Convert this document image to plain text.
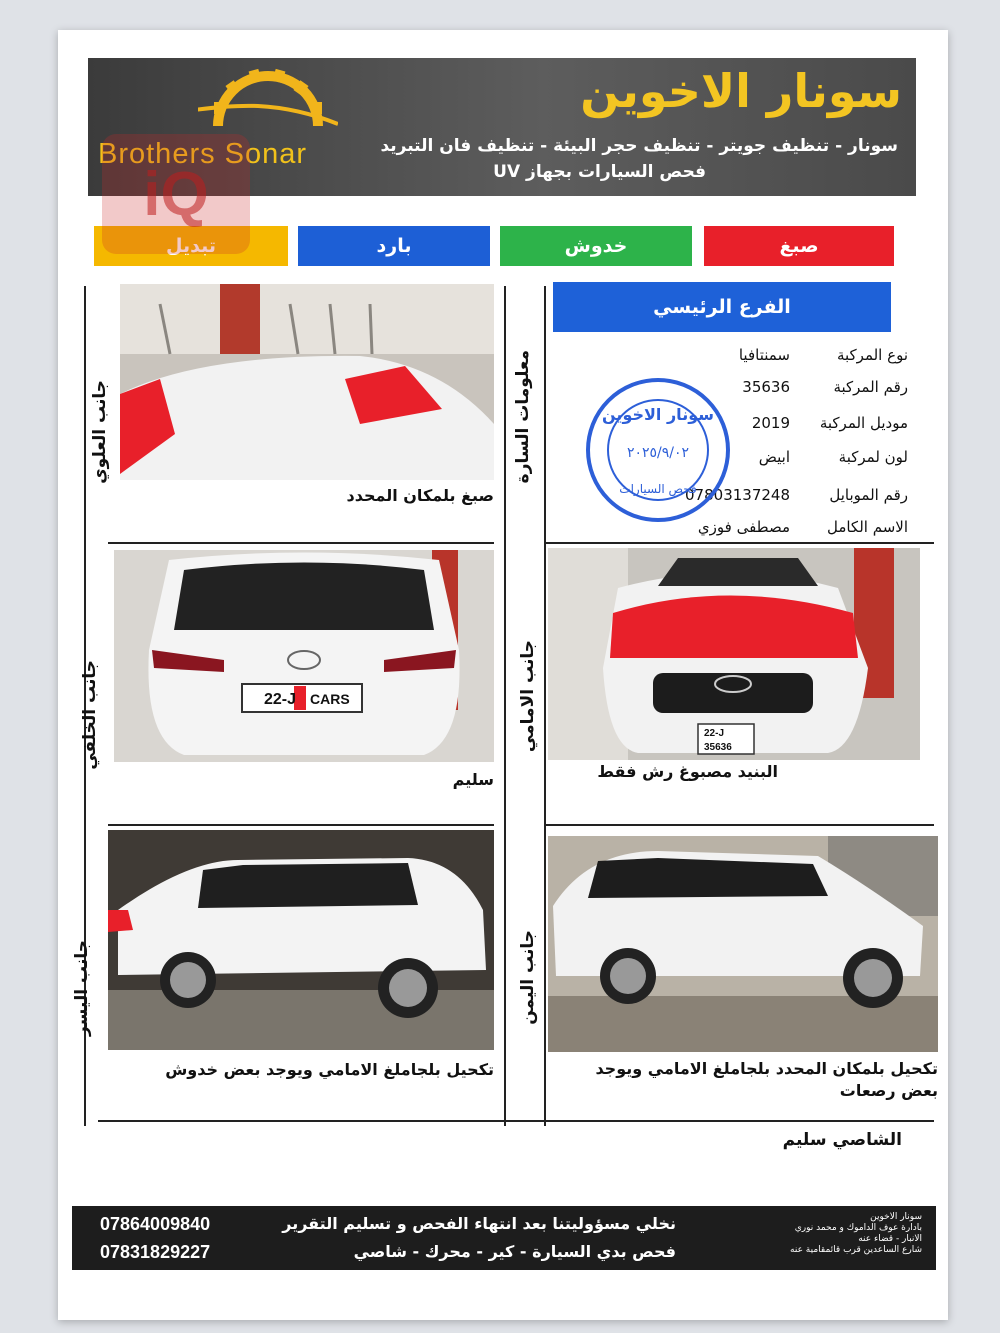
Brothers Sonar
سونار الاخوين
سونار - تنظيف جويتر - تنظيف حجر البيئة - تنظيف فان التبريد
فحص السيارات بجهاز UV
صبغ
خدوش
بارد
تبديل
iQ
معلومات السارة
جانب العلوي
جانب الامامي
جانب الخلفي
جانب اليمن
جانب اليسر
الفرع الرئيسي
نوع المركبة
سمنتافيا
رقم المركبة
35636
موديل المركبة
2019
لون لمركبة
ابيض
رقم الموبايل
07803137248
الاسم الكامل
مصطفى فوزي
سونار الاخوين
٢٠٢٥/٩/٠٢
فحص السيارات
صبغ بلمكان المحدد
22-J CARS
سليم
22-J
35636
البنيد مصبوغ رش فقط
تكحيل بلجاملغ الامامي ويوجد بعض خدوش	تكحيل بلمكان المحدد بلجاملغ الامامي ويوجد بعض رصعات
الشاصي سليم
07864009840
07831829227
نخلي مسؤوليتنا بعد انتهاء الفحص و تسليم التقرير
فحص بدي السيارة - كير - محرك - شاصي
سونار الاخوين
بادارة عوف الداموك و محمد نوري
الانبار - قضاء عنه
شارع الساعدين قرب قائمقامية عنه
